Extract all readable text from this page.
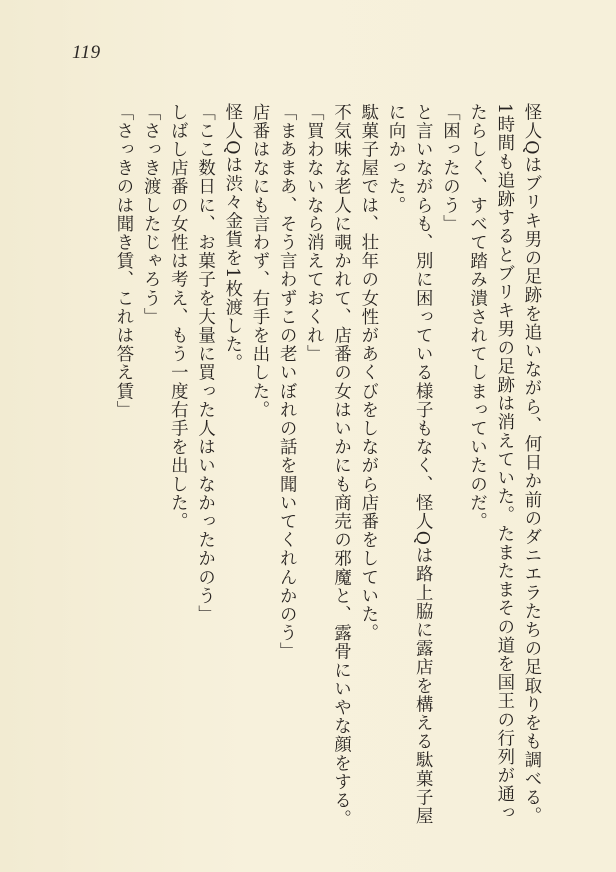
119
怪人Qはブリキ男の足跡を追いながら、何日か前のダニエラたちの足取りをも調べる。
1時間も追跡するとブリキ男の足跡は消えていた。たまたまその道を国王の行列が通っ
たらしく、すべて踏み潰されてしまっていたのだ。
「困ったのう」
と言いながらも、別に困っている様子もなく、怪人Qは路上脇に露店を構える駄菓子屋
に向かった。
駄菓子屋では、壮年の女性があくびをしながら店番をしていた。
不気味な老人に覗かれて、店番の女はいかにも商売の邪魔と、露骨にいやな顔をする。
「買わないなら消えておくれ」
「まあまあ、そう言わずこの老いぼれの話を聞いてくれんかのう」
店番はなにも言わず、右手を出した。
怪人Qは渋々金貨を1枚渡した。
「ここ数日に、お菓子を大量に買った人はいなかったかのう」
しばし店番の女性は考え、もう一度右手を出した。
「さっき渡したじゃろう」
「さっきのは聞き賃、これは答え賃」
